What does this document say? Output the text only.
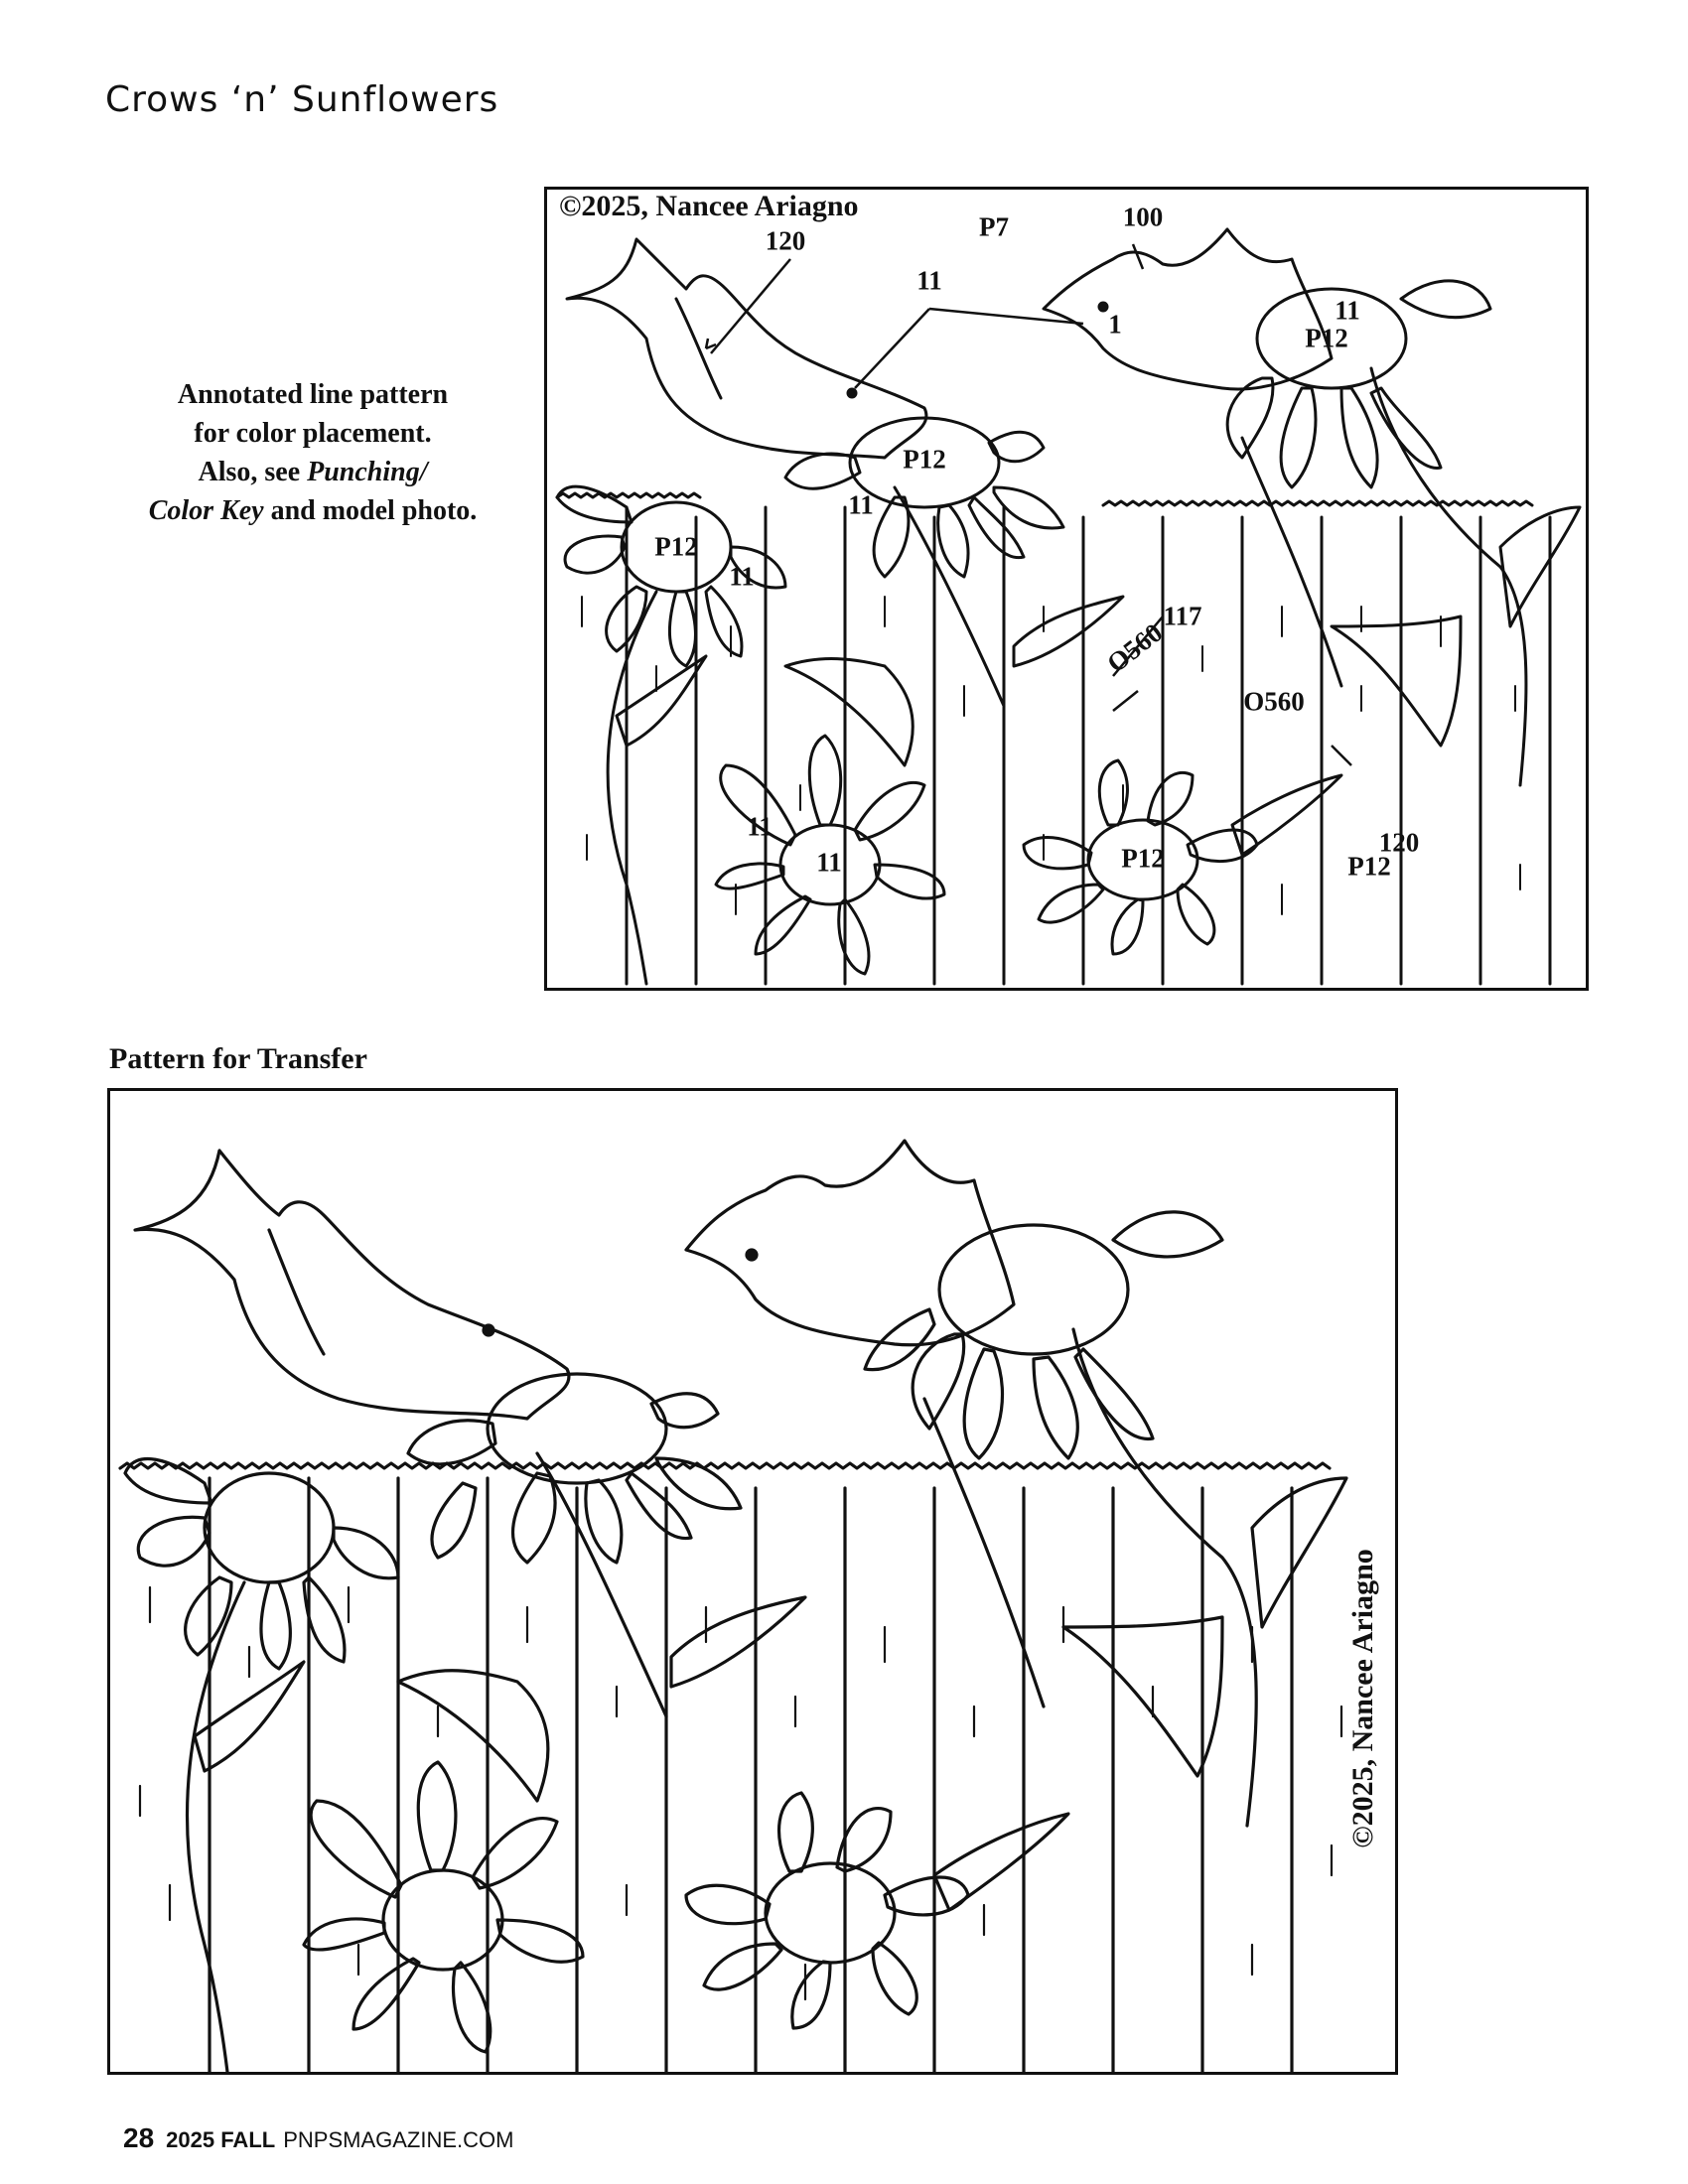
Crows ‘n’ Sunflowers
Annotated line pattern
for color placement.
Also, see Punching/
Color Key and model photo.
©2025, Nancee Ariagno
P7	100
120
11
1	11
P12
P12
11
P12
11
117
O560
O560
11
P12
11	P12
120
Pattern for Transfer
©2025, Nancee Ariagno
28 2025 FALL PNPSMAGAZINE.COM
